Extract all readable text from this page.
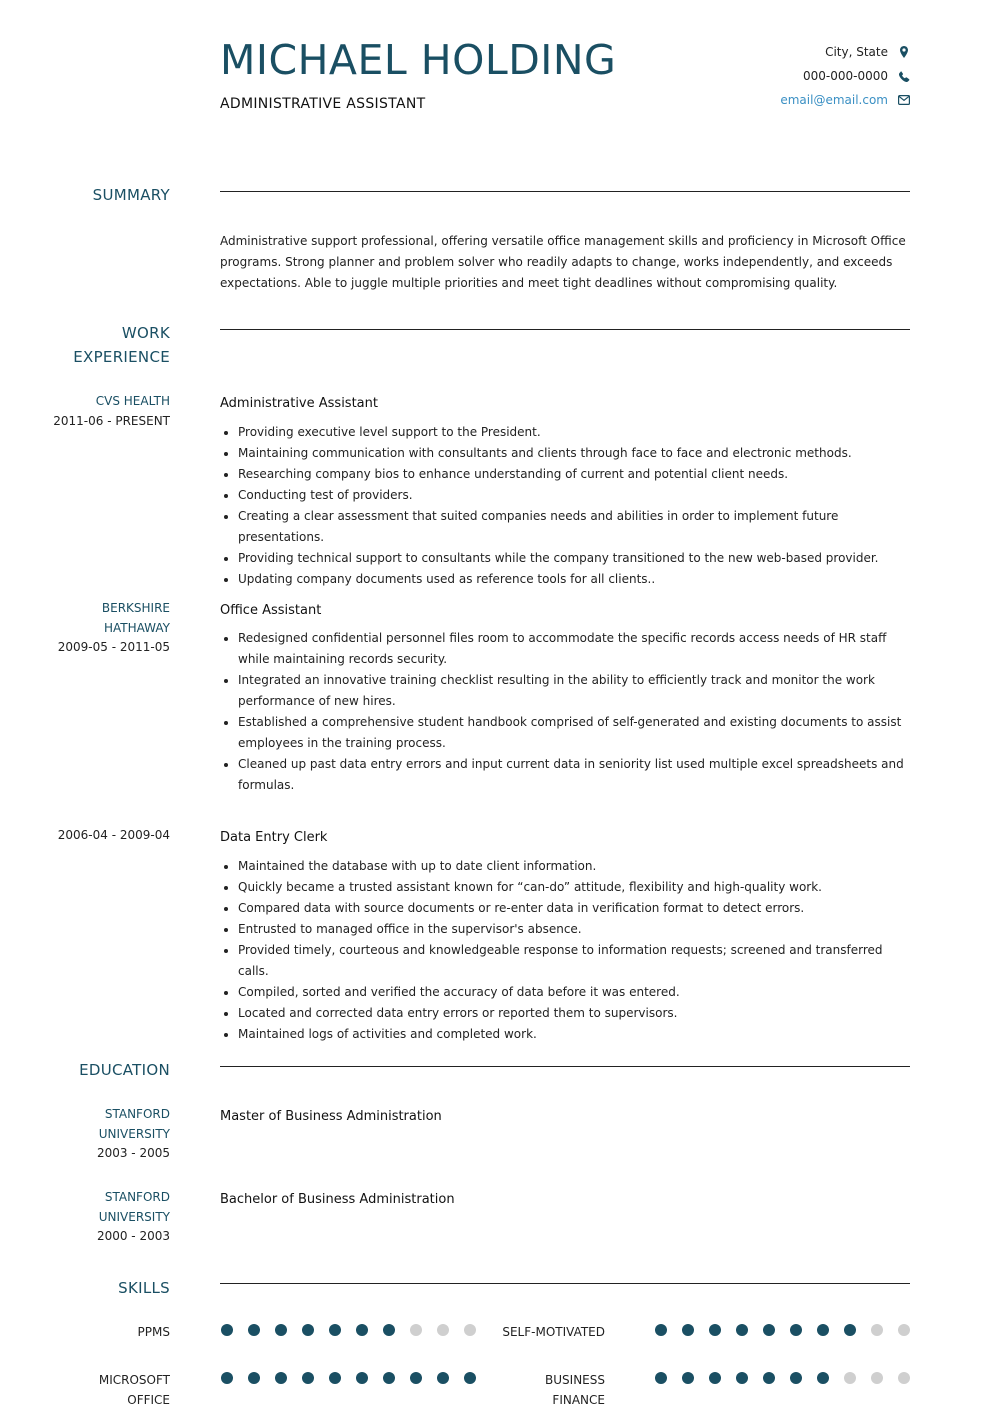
MICHAEL HOLDING
ADMINISTRATIVE ASSISTANT
City, State
000-000-0000
email@email.com
SUMMARY
Administrative support professional, offering versatile office management skills and proficiency in Microsoft Office programs. Strong planner and problem solver who readily adapts to change, works independently, and exceeds expectations. Able to juggle multiple priorities and meet tight deadlines without compromising quality.
WORK
EXPERIENCE
CVS HEALTH
2011-06 - PRESENT
Administrative Assistant
Providing executive level support to the President.
Maintaining communication with consultants and clients through face to face and electronic methods.
Researching company bios to enhance understanding of current and potential client needs.
Conducting test of providers.
Creating a clear assessment that suited companies needs and abilities in order to implement future presentations.
Providing technical support to consultants while the company transitioned to the new web-based provider.
Updating company documents used as reference tools for all clients..
BERKSHIRE
HATHAWAY
2009-05 - 2011-05
Office Assistant
Redesigned confidential personnel files room to accommodate the specific records access needs of HR staff while maintaining records security.
Integrated an innovative training checklist resulting in the ability to efficiently track and monitor the work performance of new hires.
Established a comprehensive student handbook comprised of self-generated and existing documents to assist employees in the training process.
Cleaned up past data entry errors and input current data in seniority list used multiple excel spreadsheets and formulas.
2006-04 - 2009-04	Data Entry Clerk
Maintained the database with up to date client information.
Quickly became a trusted assistant known for “can-do” attitude, flexibility and high-quality work.
Compared data with source documents or re-enter data in verification format to detect errors.
Entrusted to managed office in the supervisor's absence.
Provided timely, courteous and knowledgeable response to information requests; screened and transferred calls.
Compiled, sorted and verified the accuracy of data before it was entered.
Located and corrected data entry errors or reported them to supervisors.
Maintained logs of activities and completed work.
EDUCATION
STANFORD
UNIVERSITY
2003 - 2005
Master of Business Administration
STANFORD
UNIVERSITY
2000 - 2003
Bachelor of Business Administration
SKILLS
PPMS	SELF-MOTIVATED
MICROSOFT
OFFICE
BUSINESS
FINANCE
